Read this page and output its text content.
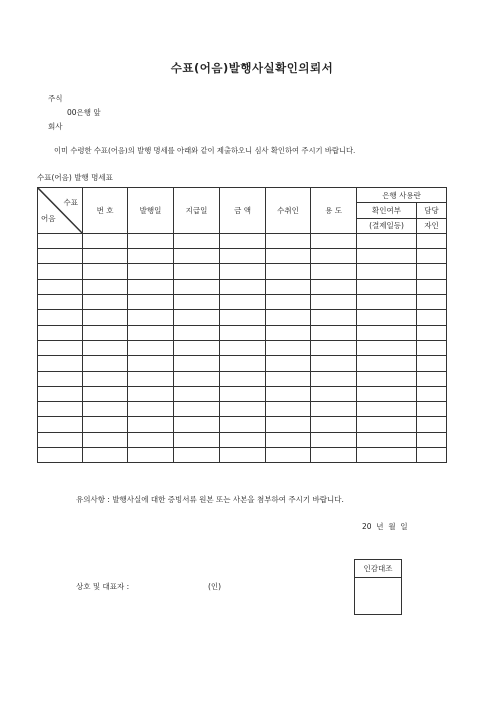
수표(어음)발행사실확인의뢰서
주식
00은행 앞
회사
이미 수령한 수표(어음)의 발행 명세를 아래와 같이 제출하오니 심사 확인하여 주시기 바랍니다.
수표(어음) 발행 명세표
수표
어음	번 호	발행일	지급일	금 액	수취인	용 도	은행 사용란	
							확인여부	담당
							(결제일등)	자인

유의사항 : 발행사실에 대한 증빙서류 원본 또는 사본을 첨부하여 주시기 바랍니다.
20  년  월  일
상호 및 대표자 :	(인)
인감대조
